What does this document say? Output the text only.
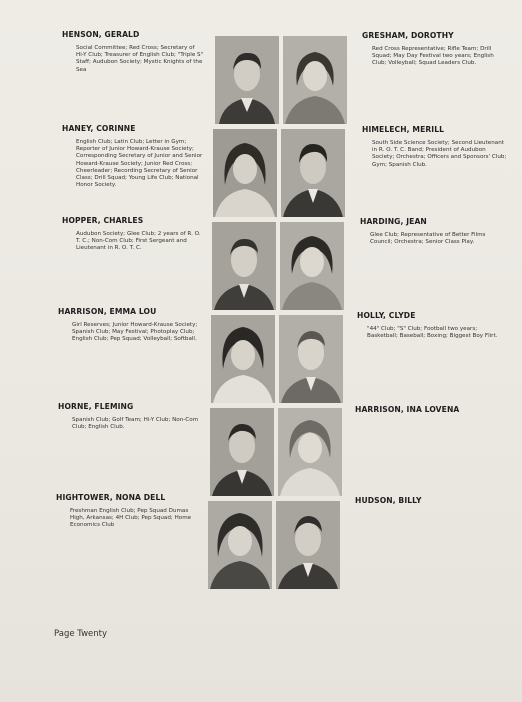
HENSON, GERALD

Social Committee; Red Cross; Secretary of Hi-Y Club; Treasurer of English Club; "Triple S" Staff; Audubon Society; Mystic Knights of the Sea

HANEY, CORINNE

English Club; Latin Club; Letter in Gym; Reporter of Junior Howard-Krause Society; Corresponding Secretary of Junior and Senior Howard-Krause Society; Junior Red Cross; Cheerleader; Recording Secretary of Senior Class; Drill Squad; Young Life Club; National Honor Society.

HOPPER, CHARLES

Audubon Society; Glee Club; 2 years of R. O. T. C.; Non-Com Club; First Sergeant and Lieutenant in R. O. T. C.

HARRISON, EMMA LOU

Girl Reserves; Junior Howard-Krause Society; Spanish Club; May Festival; Photoplay Club; English Club; Pep Squad; Volleyball; Softball.

HORNE, FLEMING

Spanish Club; Golf Team; Hi-Y Club; Non-Com Club; English Club.

HIGHTOWER, NONA DELL

Freshman English Club; Pep Squad Dumas High, Arkansas; 4H Club; Pep Squad; Home Economics Club

GRESHAM, DOROTHY

Red Cross Representative; Rifle Team; Drill Squad; May Day Festival two years; English Club; Volleyball; Squad Leaders Club.

HIMELECH, MERILL

South Side Science Society; Second Lieutenant in R. O. T. C. Band; President of Audubon Society; Orchestra; Officers and Sponsors' Club; Gym; Spanish Club.

HARDING, JEAN

Glee Club; Representative of Better Films Council; Orchestra; Senior Class Play.

HOLLY, CLYDE

"44" Club; "S" Club; Football two years; Basketball; Baseball; Boxing; Biggest Boy Flirt.

HARRISON, INA LOVENA

HUDSON, BILLY

Page Twenty
